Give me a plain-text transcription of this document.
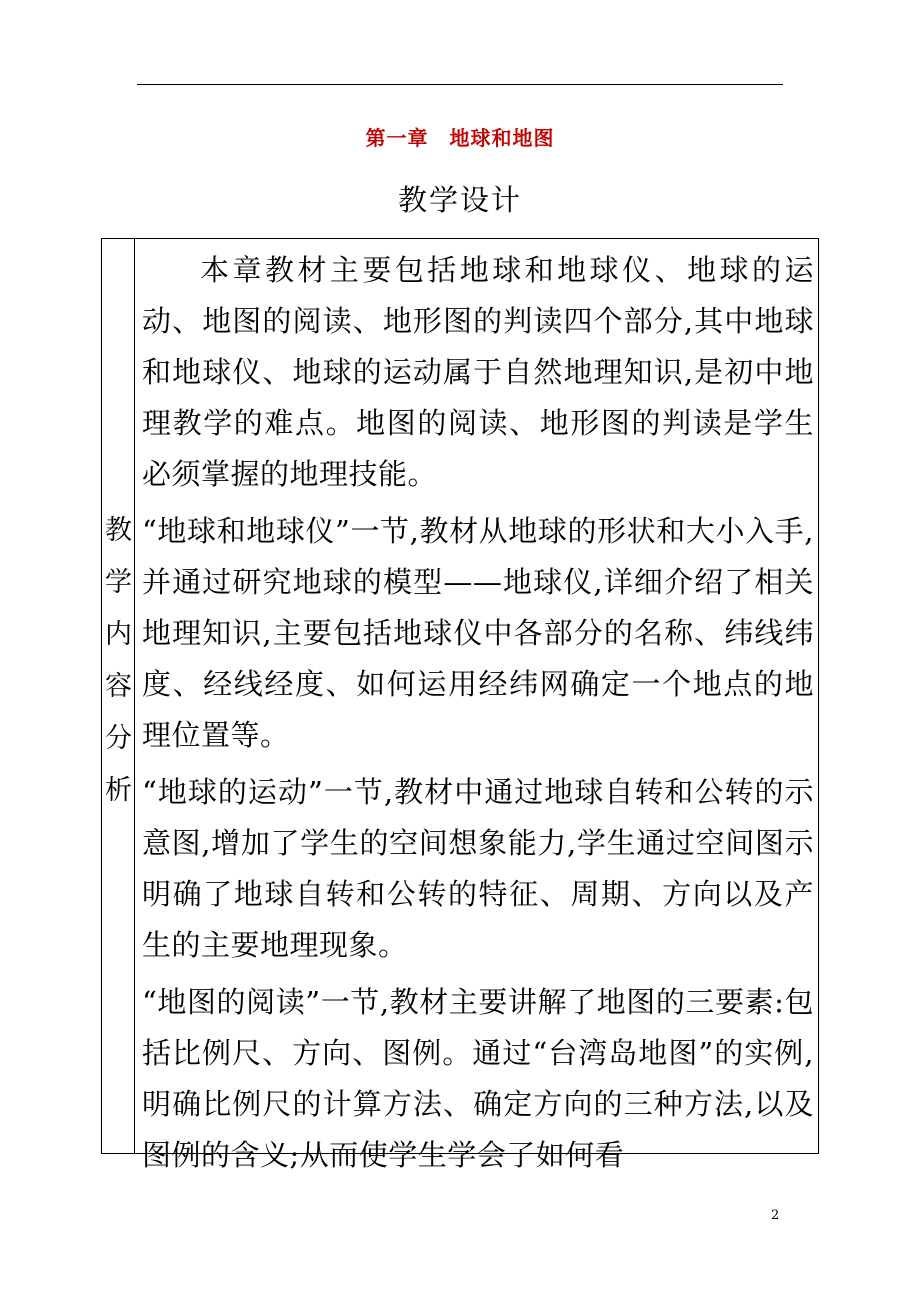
第一章　地球和地图
教学设计
教学内容分析

本章教材主要包括地球和地球仪、地球的运动、地图的阅读、地形图的判读四个部分,其中地球和地球仪、地球的运动属于自然地理知识,是初中地理教学的难点。地图的阅读、地形图的判读是学生必须掌握的地理技能。

“地球和地球仪”一节,教材从地球的形状和大小入手,并通过研究地球的模型——地球仪,详细介绍了相关地理知识,主要包括地球仪中各部分的名称、纬线纬度、经线经度、如何运用经纬网确定一个地点的地理位置等。

“地球的运动”一节,教材中通过地球自转和公转的示意图,增加了学生的空间想象能力,学生通过空间图示明确了地球自转和公转的特征、周期、方向以及产生的主要地理现象。

“地图的阅读”一节,教材主要讲解了地图的三要素:包括比例尺、方向、图例。通过“台湾岛地图”的实例,明确比例尺的计算方法、确定方向的三种方法,以及图例的含义;从而使学生学会了如何看

2
